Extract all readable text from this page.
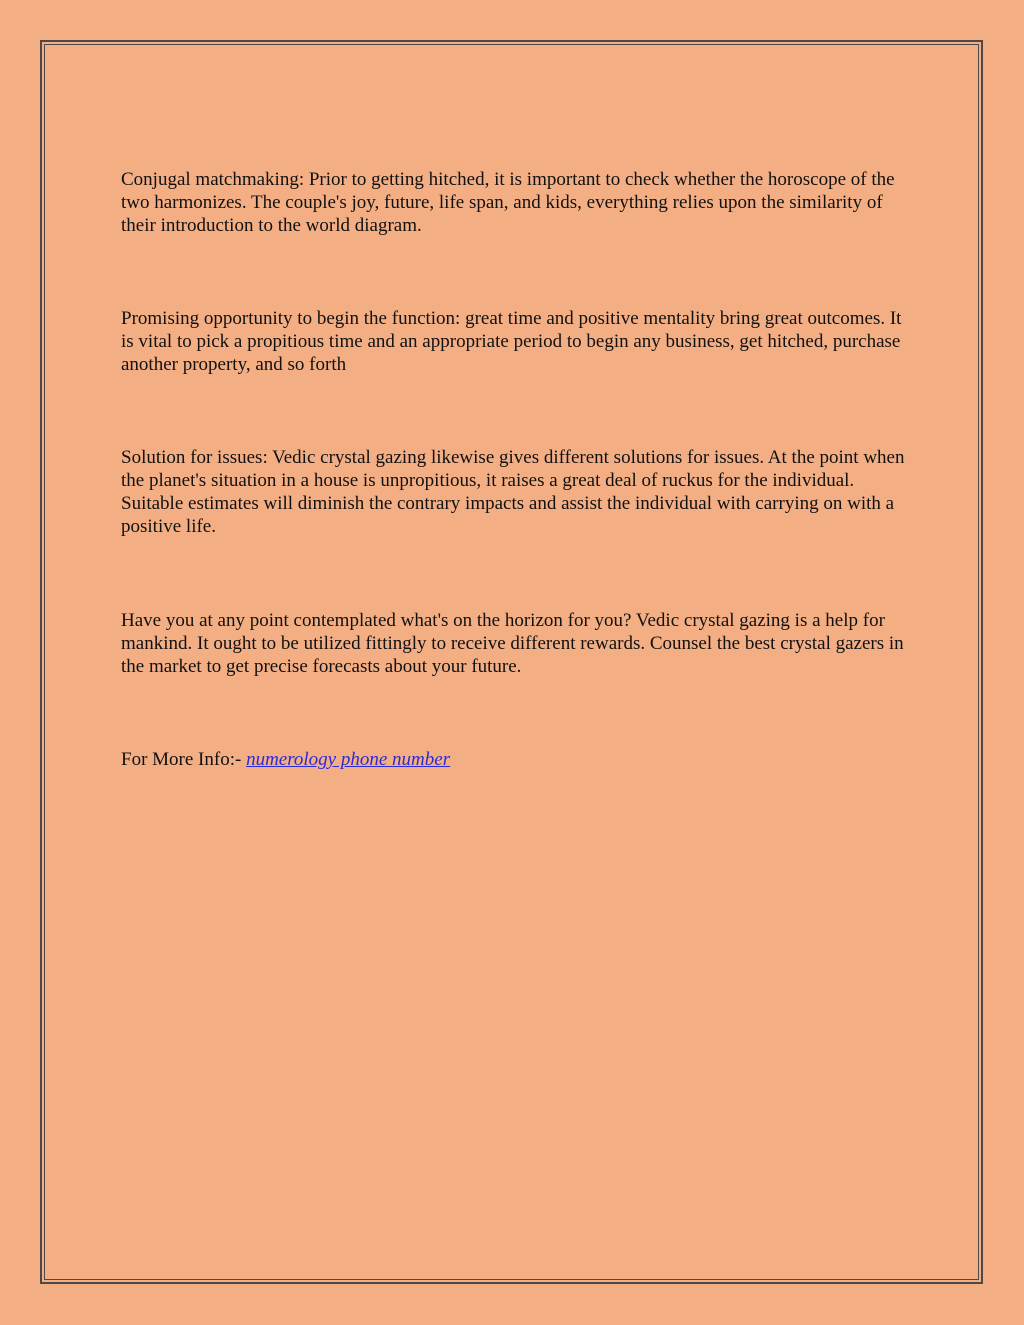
Conjugal matchmaking: Prior to getting hitched, it is important to check whether the horoscope of the two harmonizes. The couple's joy, future, life span, and kids, everything relies upon the similarity of their introduction to the world diagram.

Promising opportunity to begin the function: great time and positive mentality bring great outcomes. It is vital to pick a propitious time and an appropriate period to begin any business, get hitched, purchase another property, and so forth

Solution for issues: Vedic crystal gazing likewise gives different solutions for issues. At the point when the planet's situation in a house is unpropitious, it raises a great deal of ruckus for the individual. Suitable estimates will diminish the contrary impacts and assist the individual with carrying on with a positive life.

Have you at any point contemplated what's on the horizon for you? Vedic crystal gazing is a help for mankind. It ought to be utilized fittingly to receive different rewards. Counsel the best crystal gazers in the market to get precise forecasts about your future.

For More Info:- numerology phone number
